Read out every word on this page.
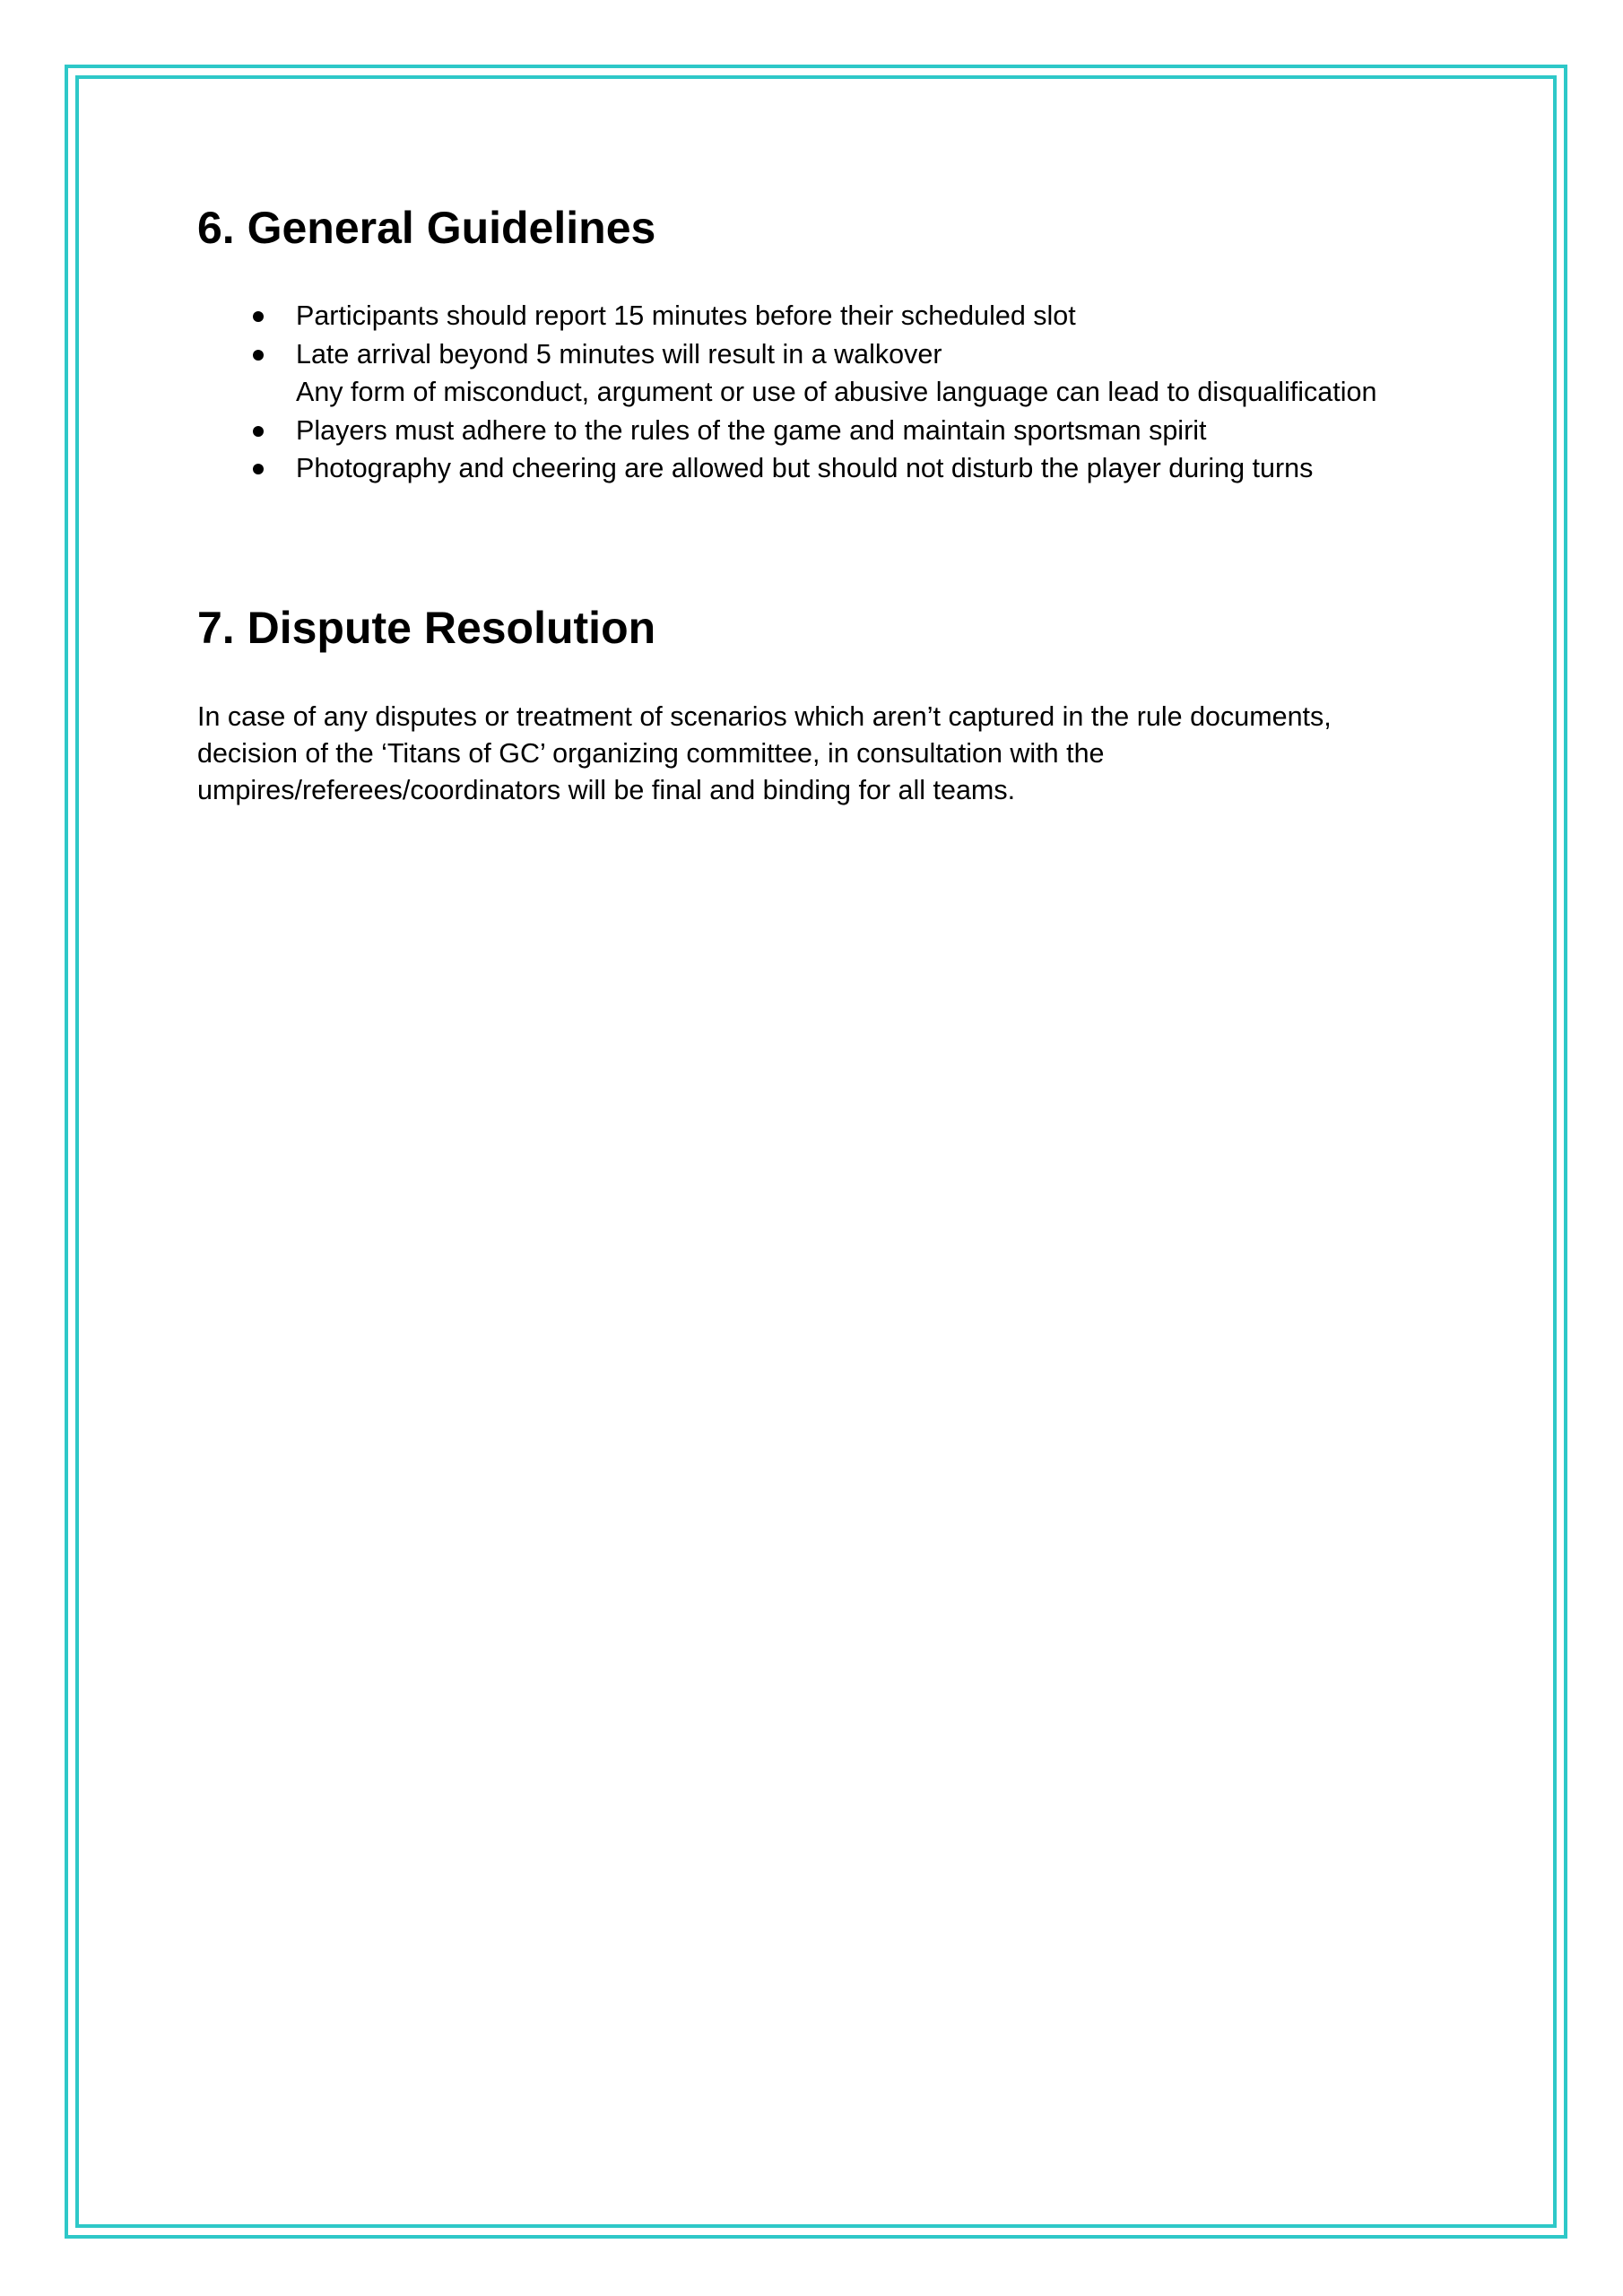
6. General Guidelines
Participants should report 15 minutes before their scheduled slot
Late arrival beyond 5 minutes will result in a walkover
Any form of misconduct, argument or use of abusive language can lead to disqualification
Players must adhere to the rules of the game and maintain sportsman spirit
Photography and cheering are allowed but should not disturb the player during turns
7. Dispute Resolution

In case of any disputes or treatment of scenarios which aren’t captured in the rule documents,
decision of the ‘Titans of GC’ organizing committee, in consultation with the
umpires/referees/coordinators will be final and binding for all teams.
